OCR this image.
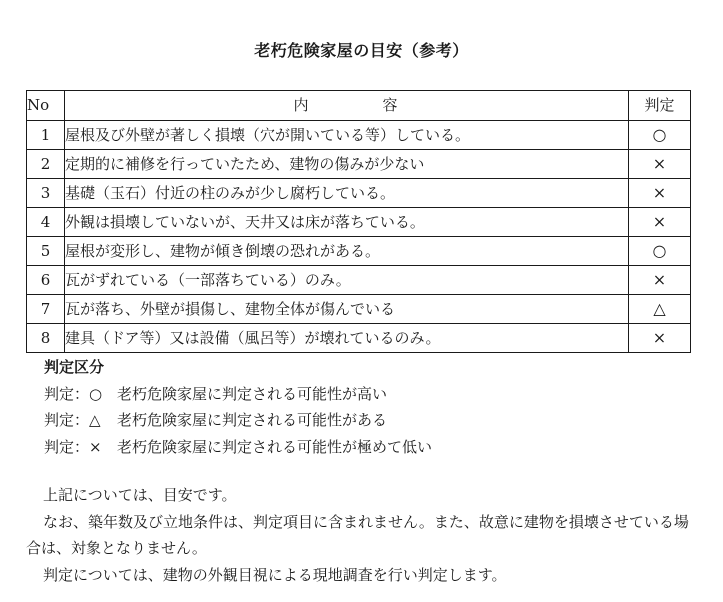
老朽危険家屋の目安（参考）
No	内 容	判定
1	屋根及び外壁が著しく損壊（穴が開いている等）している。	○
2	定期的に補修を行っていたため、建物の傷みが少ない	×
3	基礎（玉石）付近の柱のみが少し腐朽している。	×
4	外観は損壊していないが、天井又は床が落ちている。	×
5	屋根が変形し、建物が傾き倒壊の恐れがある。	○
6	瓦がずれている（一部落ちている）のみ。	×
7	瓦が落ち、外壁が損傷し、建物全体が傷んでいる	△
8	建具（ドア等）又は設備（風呂等）が壊れているのみ。	×
判定区分
判定：○ 老朽危険家屋に判定される可能性が高い
判定：△ 老朽危険家屋に判定される可能性がある
判定：× 老朽危険家屋に判定される可能性が極めて低い

上記については、目安です。

なお、築年数及び立地条件は、判定項目に含まれません。また、故意に建物を損壊させている場合は、対象となりません。

判定については、建物の外観目視による現地調査を行い判定します。
